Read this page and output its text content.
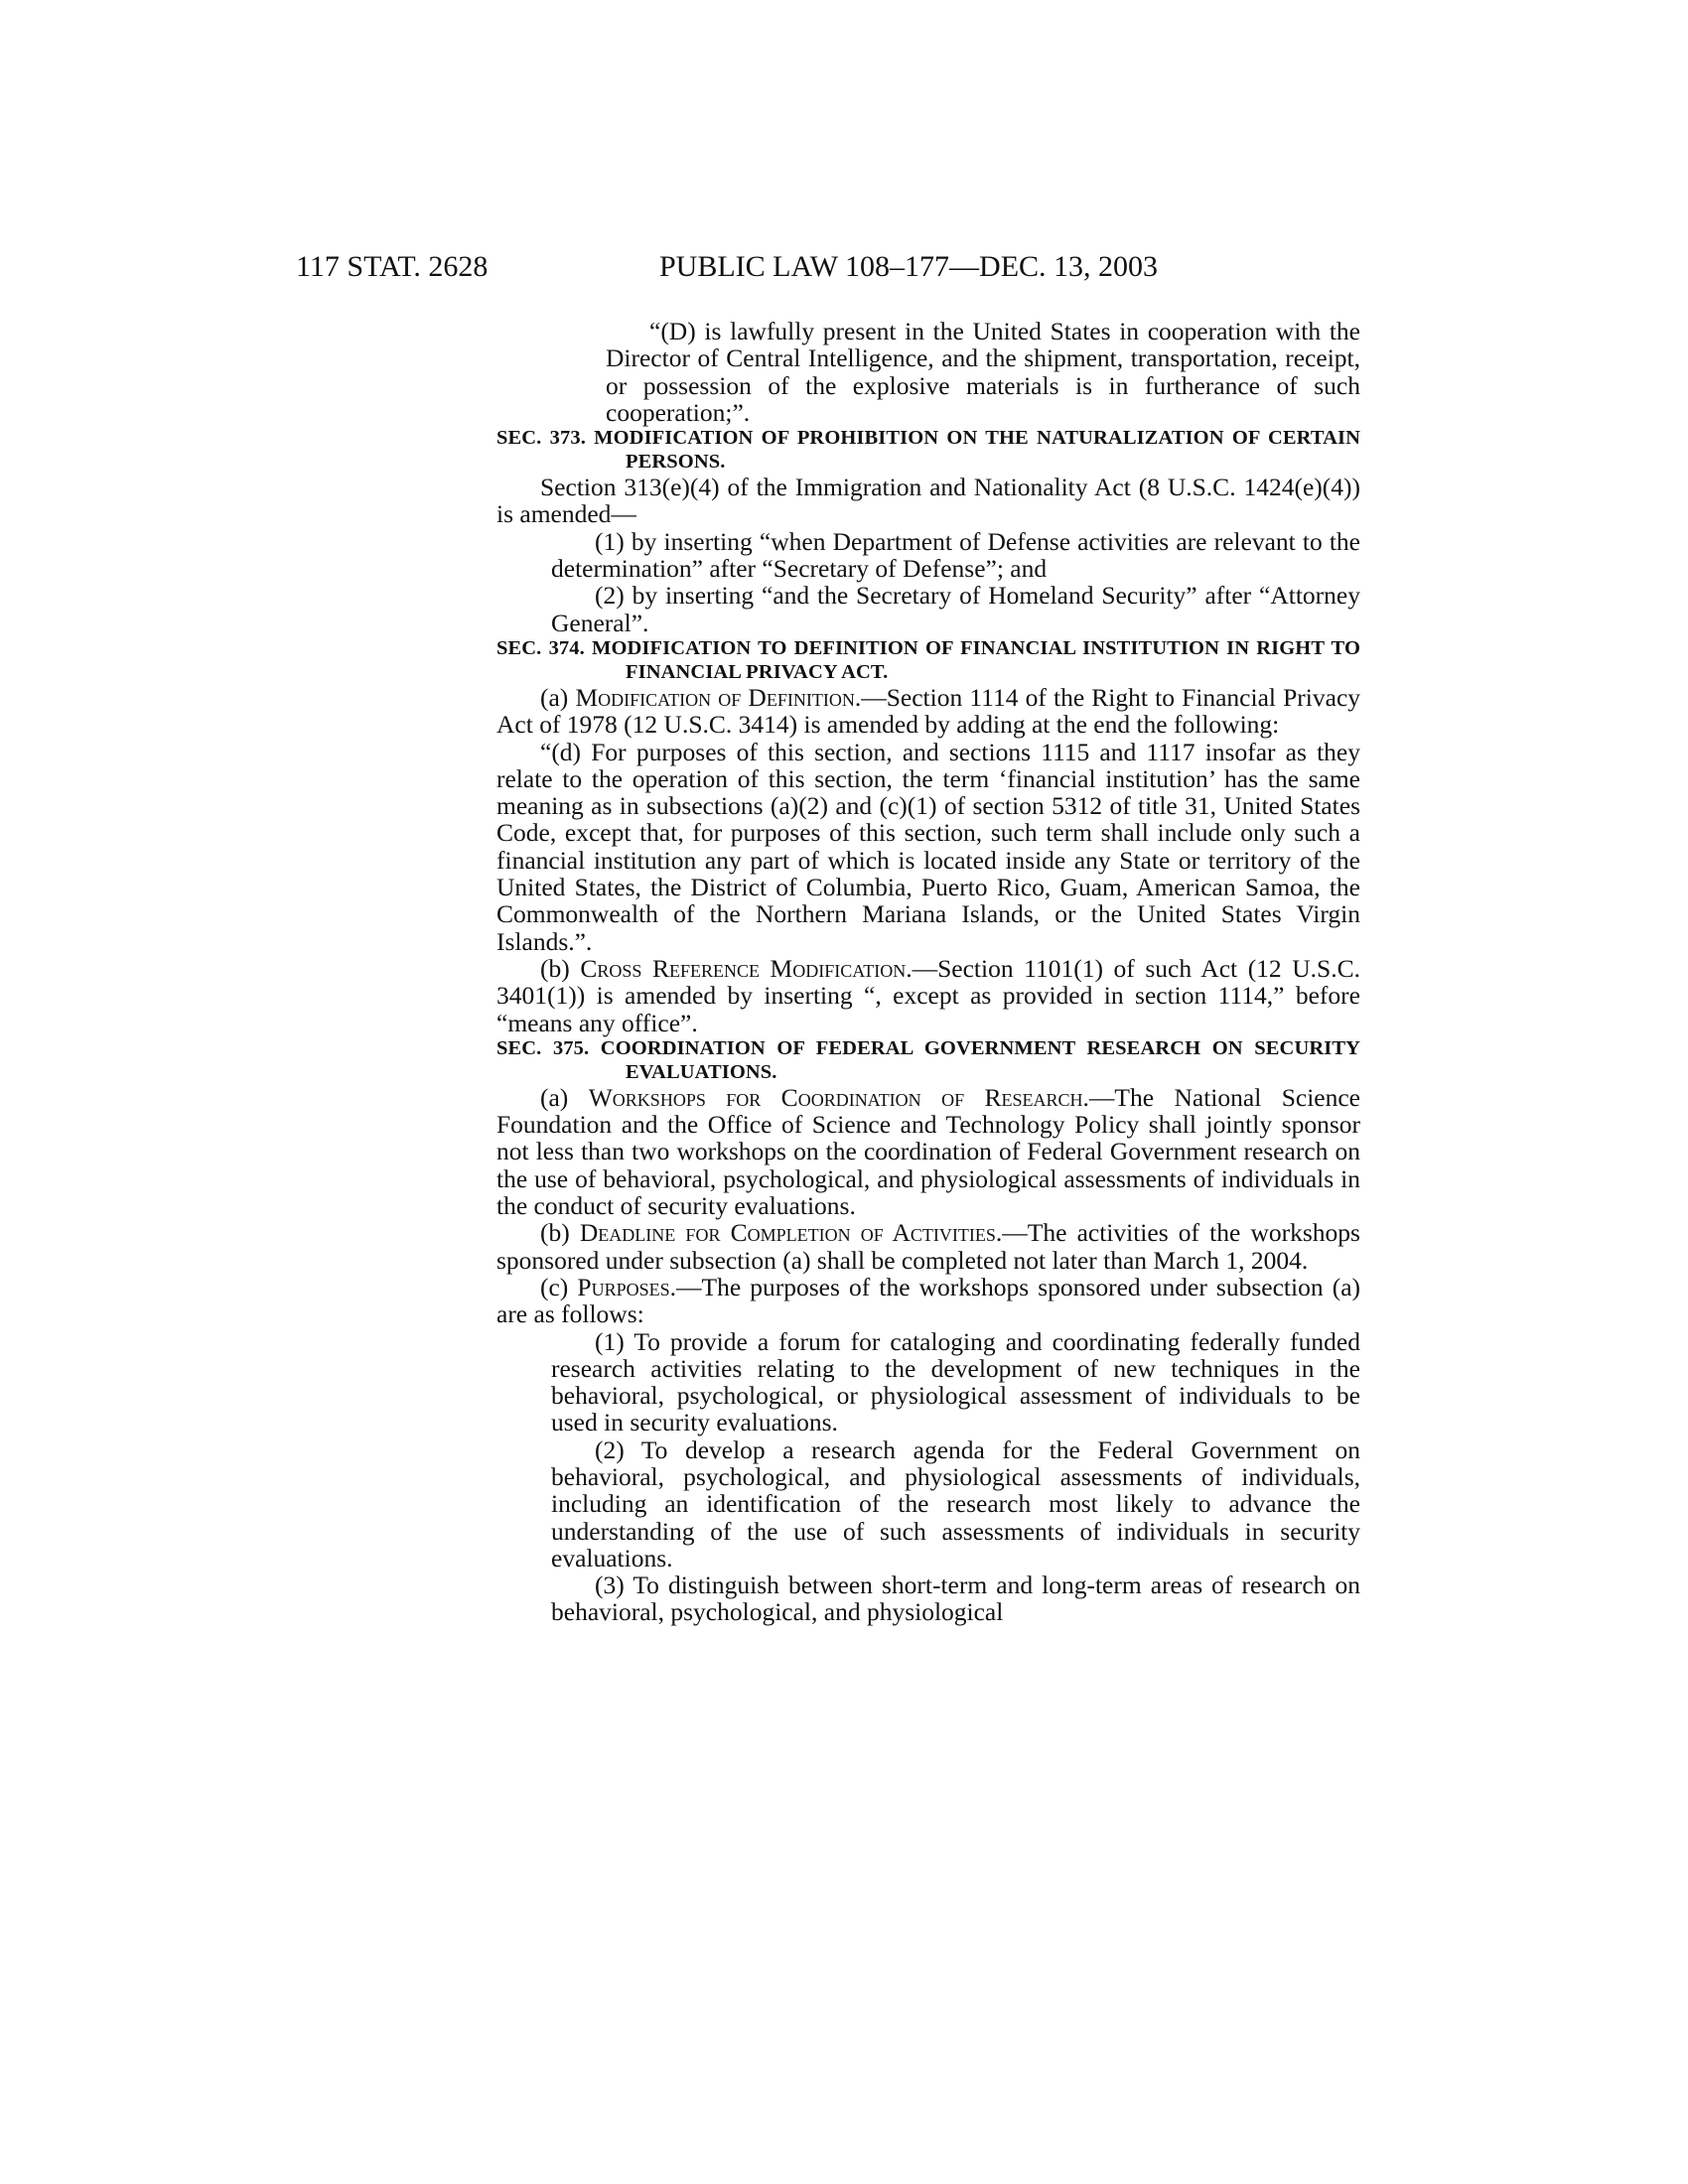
117 STAT. 2628	PUBLIC LAW 108–177—DEC. 13, 2003

“(D) is lawfully present in the United States in cooperation with the Director of Central Intelligence, and the shipment, transportation, receipt, or possession of the explosive materials is in furtherance of such cooperation;”.

SEC. 373. MODIFICATION OF PROHIBITION ON THE NATURALIZATION OF CERTAIN PERSONS.

Section 313(e)(4) of the Immigration and Nationality Act (8 U.S.C. 1424(e)(4)) is amended—

(1) by inserting “when Department of Defense activities are relevant to the determination” after “Secretary of Defense”; and

(2) by inserting “and the Secretary of Homeland Security” after “Attorney General”.

SEC. 374. MODIFICATION TO DEFINITION OF FINANCIAL INSTITUTION IN RIGHT TO FINANCIAL PRIVACY ACT.

(a) Modification of Definition.—Section 1114 of the Right to Financial Privacy Act of 1978 (12 U.S.C. 3414) is amended by adding at the end the following:

“(d) For purposes of this section, and sections 1115 and 1117 insofar as they relate to the operation of this section, the term ‘financial institution’ has the same meaning as in subsections (a)(2) and (c)(1) of section 5312 of title 31, United States Code, except that, for purposes of this section, such term shall include only such a financial institution any part of which is located inside any State or territory of the United States, the District of Columbia, Puerto Rico, Guam, American Samoa, the Commonwealth of the Northern Mariana Islands, or the United States Virgin Islands.”.

(b) Cross Reference Modification.—Section 1101(1) of such Act (12 U.S.C. 3401(1)) is amended by inserting “, except as provided in section 1114,” before “means any office”.

SEC. 375. COORDINATION OF FEDERAL GOVERNMENT RESEARCH ON SECURITY EVALUATIONS.

(a) Workshops for Coordination of Research.—The National Science Foundation and the Office of Science and Technology Policy shall jointly sponsor not less than two workshops on the coordination of Federal Government research on the use of behavioral, psychological, and physiological assessments of individuals in the conduct of security evaluations.

(b) Deadline for Completion of Activities.—The activities of the workshops sponsored under subsection (a) shall be completed not later than March 1, 2004.

(c) Purposes.—The purposes of the workshops sponsored under subsection (a) are as follows:

(1) To provide a forum for cataloging and coordinating federally funded research activities relating to the development of new techniques in the behavioral, psychological, or physiological assessment of individuals to be used in security evaluations.

(2) To develop a research agenda for the Federal Government on behavioral, psychological, and physiological assessments of individuals, including an identification of the research most likely to advance the understanding of the use of such assessments of individuals in security evaluations.

(3) To distinguish between short-term and long-term areas of research on behavioral, psychological, and physiological
